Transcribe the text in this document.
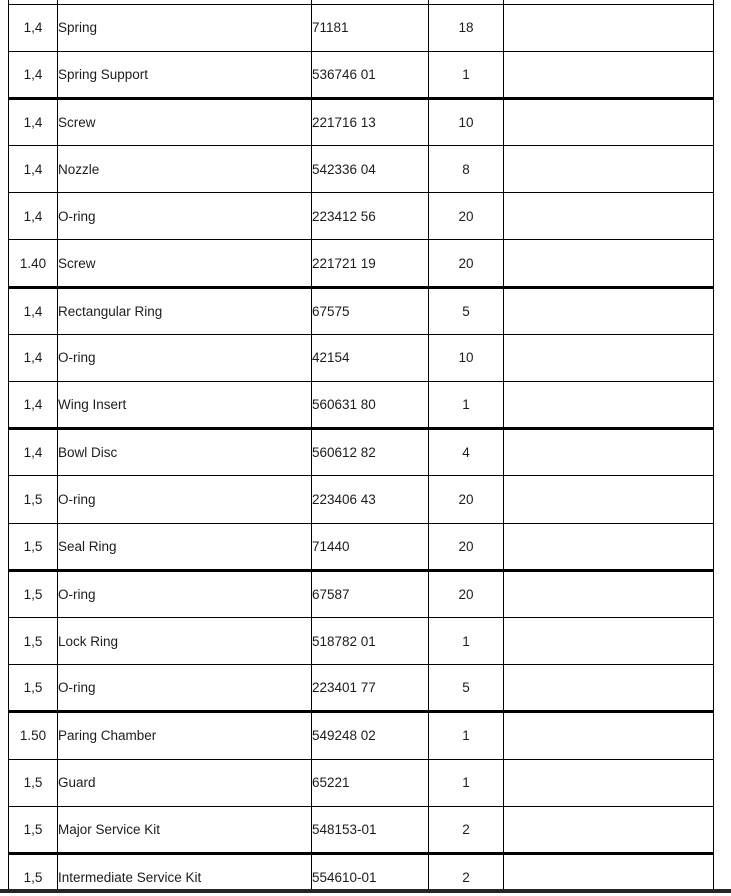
1,4	Spring	71181	18	
1,4	Spring Support	536746 01	1	
1,4	Screw	221716 13	10	
1,4	Nozzle	542336 04	8	
1,4	O-ring	223412 56	20	
1.40	Screw	221721 19	20	
1,4	Rectangular Ring	67575	5	
1,4	O-ring	42154	10	
1,4	Wing Insert	560631 80	1	
1,4	Bowl Disc	560612 82	4	
1,5	O-ring	223406 43	20	
1,5	Seal Ring	71440	20	
1,5	O-ring	67587	20	
1,5	Lock Ring	518782 01	1	
1,5	O-ring	223401 77	5	
1.50	Paring Chamber	549248 02	1	
1,5	Guard	65221	1	
1,5	Major Service Kit	548153-01	2	
1,5	Intermediate Service Kit	554610-01	2	
